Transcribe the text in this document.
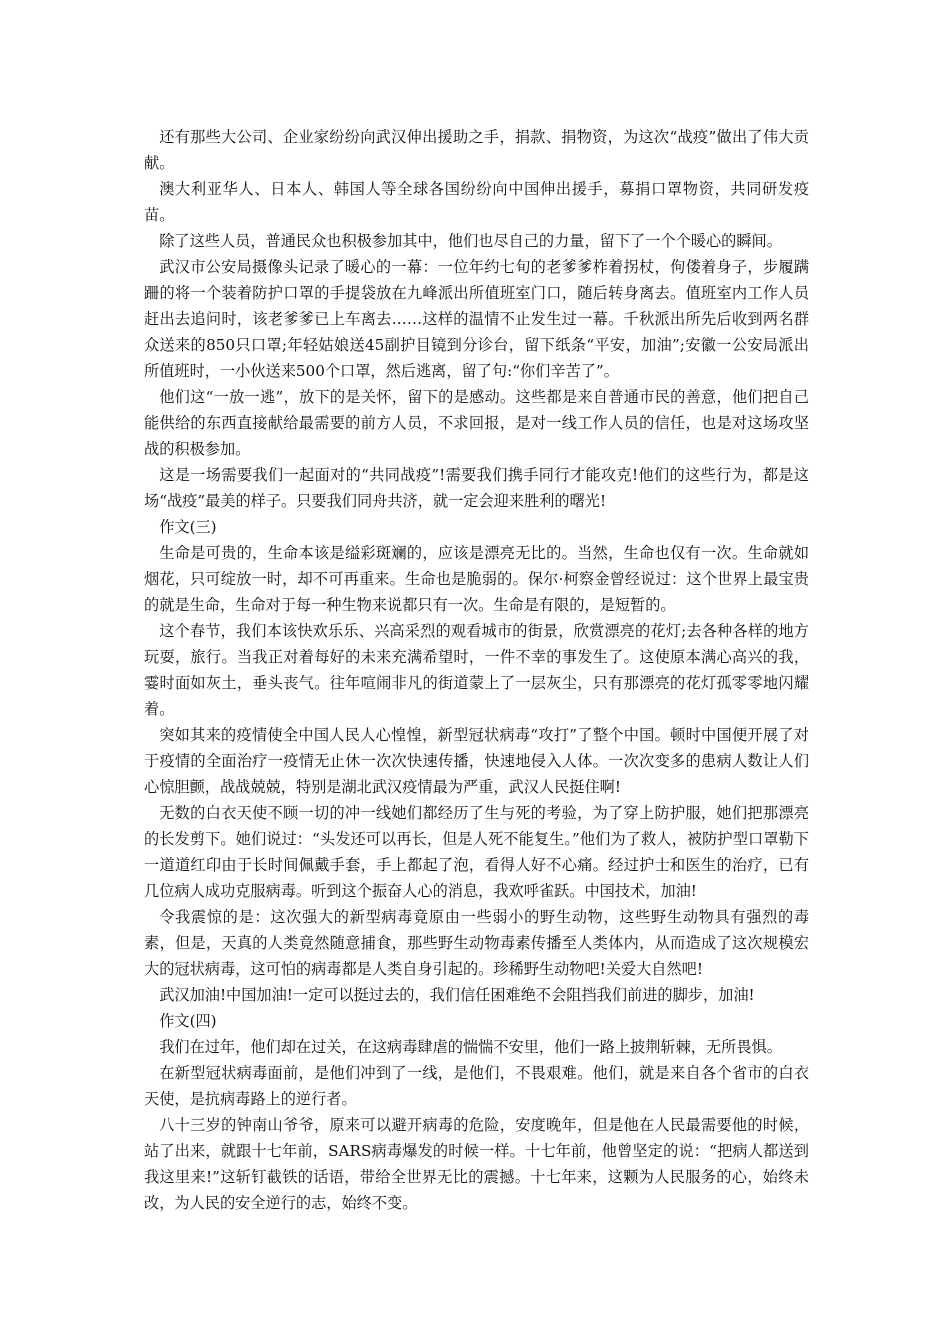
还有那些大公司、企业家纷纷向武汉伸出援助之手，捐款、捐物资，为这次“战疫”做出了伟大贡献。

澳大利亚华人、日本人、韩国人等全球各国纷纷向中国伸出援手，募捐口罩物资，共同研发疫苗。

除了这些人员，普通民众也积极参加其中，他们也尽自己的力量，留下了一个个暖心的瞬间。

武汉市公安局摄像头记录了暖心的一幕：一位年约七旬的老爹爹柞着拐杖，佝偻着身子，步履蹒跚的将一个装着防护口罩的手提袋放在九峰派出所值班室门口，随后转身离去。值班室内工作人员赶出去追问时，该老爹爹已上车离去……这样的温情不止发生过一幕。千秋派出所先后收到两名群众送来的850只口罩;年轻姑娘送45副护目镜到分诊台，留下纸条“平安，加油”;安徽一公安局派出所值班时，一小伙送来500个口罩，然后逃离，留了句:“你们辛苦了”。

他们这“一放一逃”，放下的是关怀，留下的是感动。这些都是来自普通市民的善意，他们把自己能供给的东西直接献给最需要的前方人员，不求回报，是对一线工作人员的信任，也是对这场攻坚战的积极参加。

这是一场需要我们一起面对的“共同战疫”!需要我们携手同行才能攻克!他们的这些行为，都是这场“战疫”最美的样子。只要我们同舟共济，就一定会迎来胜利的曙光!

作文(三)

生命是可贵的，生命本该是缢彩斑斓的，应该是漂亮无比的。当然，生命也仅有一次。生命就如烟花，只可绽放一时，却不可再重来。生命也是脆弱的。保尔·柯察金曾经说过：这个世界上最宝贵的就是生命，生命对于每一种生物来说都只有一次。生命是有限的，是短暂的。

这个春节，我们本该快欢乐乐、兴高采烈的观看城市的街景，欣赏漂亮的花灯;去各种各样的地方玩耍，旅行。当我正对着每好的未来充满希望时，一件不幸的事发生了。这使原本满心高兴的我，霎时面如灰土，垂头丧气。往年喧闹非凡的街道蒙上了一层灰尘，只有那漂亮的花灯孤零零地闪耀着。

突如其来的疫情使全中国人民人心惶惶，新型冠状病毒“攻打”了整个中国。顿时中国便开展了对于疫情的全面治疗一疫情无止休一次次快速传播，快速地侵入人体。一次次变多的患病人数让人们心惊胆颤，战战兢兢，特别是湖北武汉疫情最为严重，武汉人民挺住啊!

无数的白衣天使不顾一切的冲一线她们都经历了生与死的考验，为了穿上防护服，她们把那漂亮的长发剪下。她们说过：“头发还可以再长，但是人死不能复生。”他们为了救人，被防护型口罩勒下一道道红印由于长时间佩戴手套，手上都起了泡，看得人好不心痛。经过护士和医生的治疗，已有几位病人成功克服病毒。听到这个振奋人心的消息，我欢呼雀跃。中国技术，加油!

令我震惊的是：这次强大的新型病毒竟原由一些弱小的野生动物，这些野生动物具有强烈的毒素，但是，天真的人类竟然随意捕食，那些野生动物毒素传播至人类体内，从而造成了这次规模宏大的冠状病毒，这可怕的病毒都是人类自身引起的。珍稀野生动物吧!关爱大自然吧!

武汉加油!中国加油!一定可以挺过去的，我们信任困难绝不会阻挡我们前进的脚步，加油!

作文(四)

我们在过年，他们却在过关，在这病毒肆虐的惴惴不安里，他们一路上披荆斩棘，无所畏惧。

在新型冠状病毒面前，是他们冲到了一线，是他们，不畏艰难。他们，就是来自各个省市的白衣天使，是抗病毒路上的逆行者。

八十三岁的钟南山爷爷，原来可以避开病毒的危险，安度晚年，但是他在人民最需要他的时候，站了出来，就跟十七年前，SARS病毒爆发的时候一样。十七年前，他曾坚定的说：“把病人都送到我这里来!”这斩钉截铁的话语，带给全世界无比的震撼。十七年来，这颗为人民服务的心，始终未改，为人民的安全逆行的志，始终不变。
